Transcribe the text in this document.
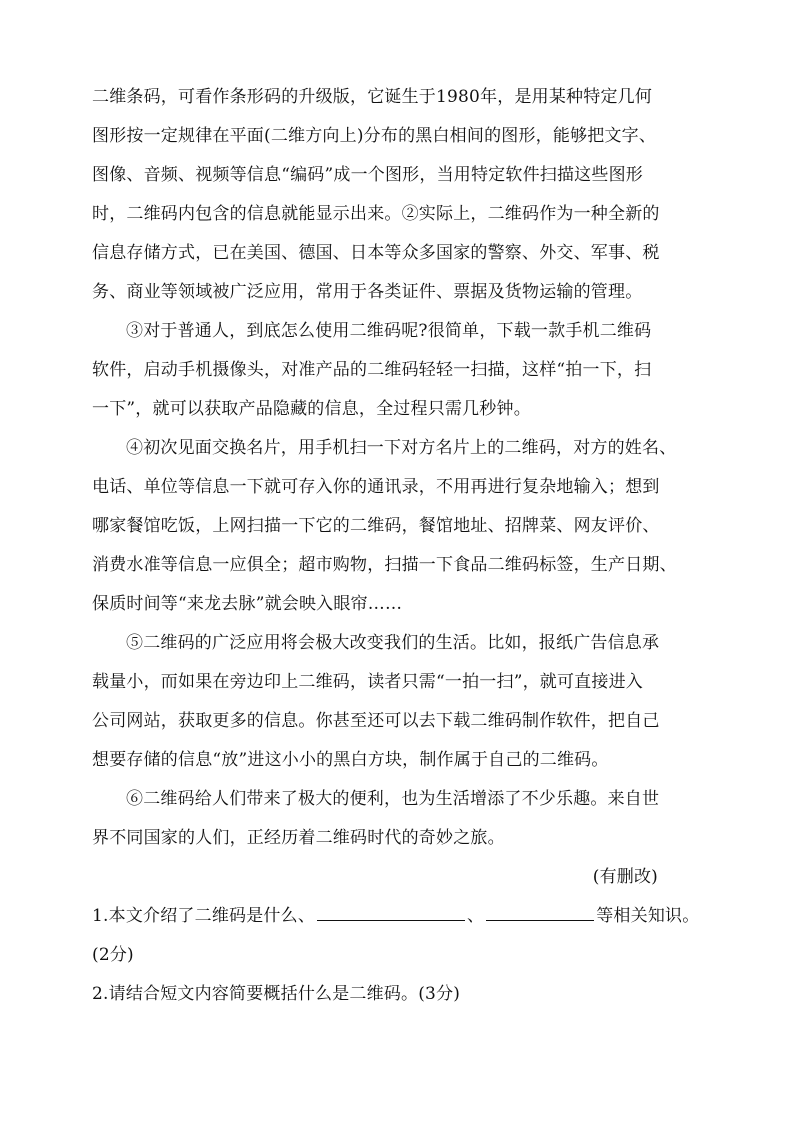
二维条码，可看作条形码的升级版，它诞生于1980年，是用某种特定几何
图形按一定规律在平面(二维方向上)分布的黑白相间的图形，能够把文字、
图像、音频、视频等信息“编码”成一个图形，当用特定软件扫描这些图形
时，二维码内包含的信息就能显示出来。②实际上，二维码作为一种全新的
信息存储方式，已在美国、德国、日本等众多国家的警察、外交、军事、税
务、商业等领域被广泛应用，常用于各类证件、票据及货物运输的管理。
③对于普通人，到底怎么使用二维码呢?很简单，下载一款手机二维码
软件，启动手机摄像头，对准产品的二维码轻轻一扫描，这样“拍一下，扫
一下”，就可以获取产品隐藏的信息，全过程只需几秒钟。
④初次见面交换名片，用手机扫一下对方名片上的二维码，对方的姓名、
电话、单位等信息一下就可存入你的通讯录，不用再进行复杂地输入；想到
哪家餐馆吃饭，上网扫描一下它的二维码，餐馆地址、招牌菜、网友评价、
消费水准等信息一应俱全；超市购物，扫描一下食品二维码标签，生产日期、
保质时间等“来龙去脉”就会映入眼帘……
⑤二维码的广泛应用将会极大改变我们的生活。比如，报纸广告信息承
载量小，而如果在旁边印上二维码，读者只需“一拍一扫”，就可直接进入
公司网站，获取更多的信息。你甚至还可以去下载二维码制作软件，把自己
想要存储的信息“放”进这小小的黑白方块，制作属于自己的二维码。
⑥二维码给人们带来了极大的便利，也为生活增添了不少乐趣。来自世
界不同国家的人们，正经历着二维码时代的奇妙之旅。
(有删改)
1.本文介绍了二维码是什么、	、	等相关知识。
(2分)
2.请结合短文内容简要概括什么是二维码。(3分)
